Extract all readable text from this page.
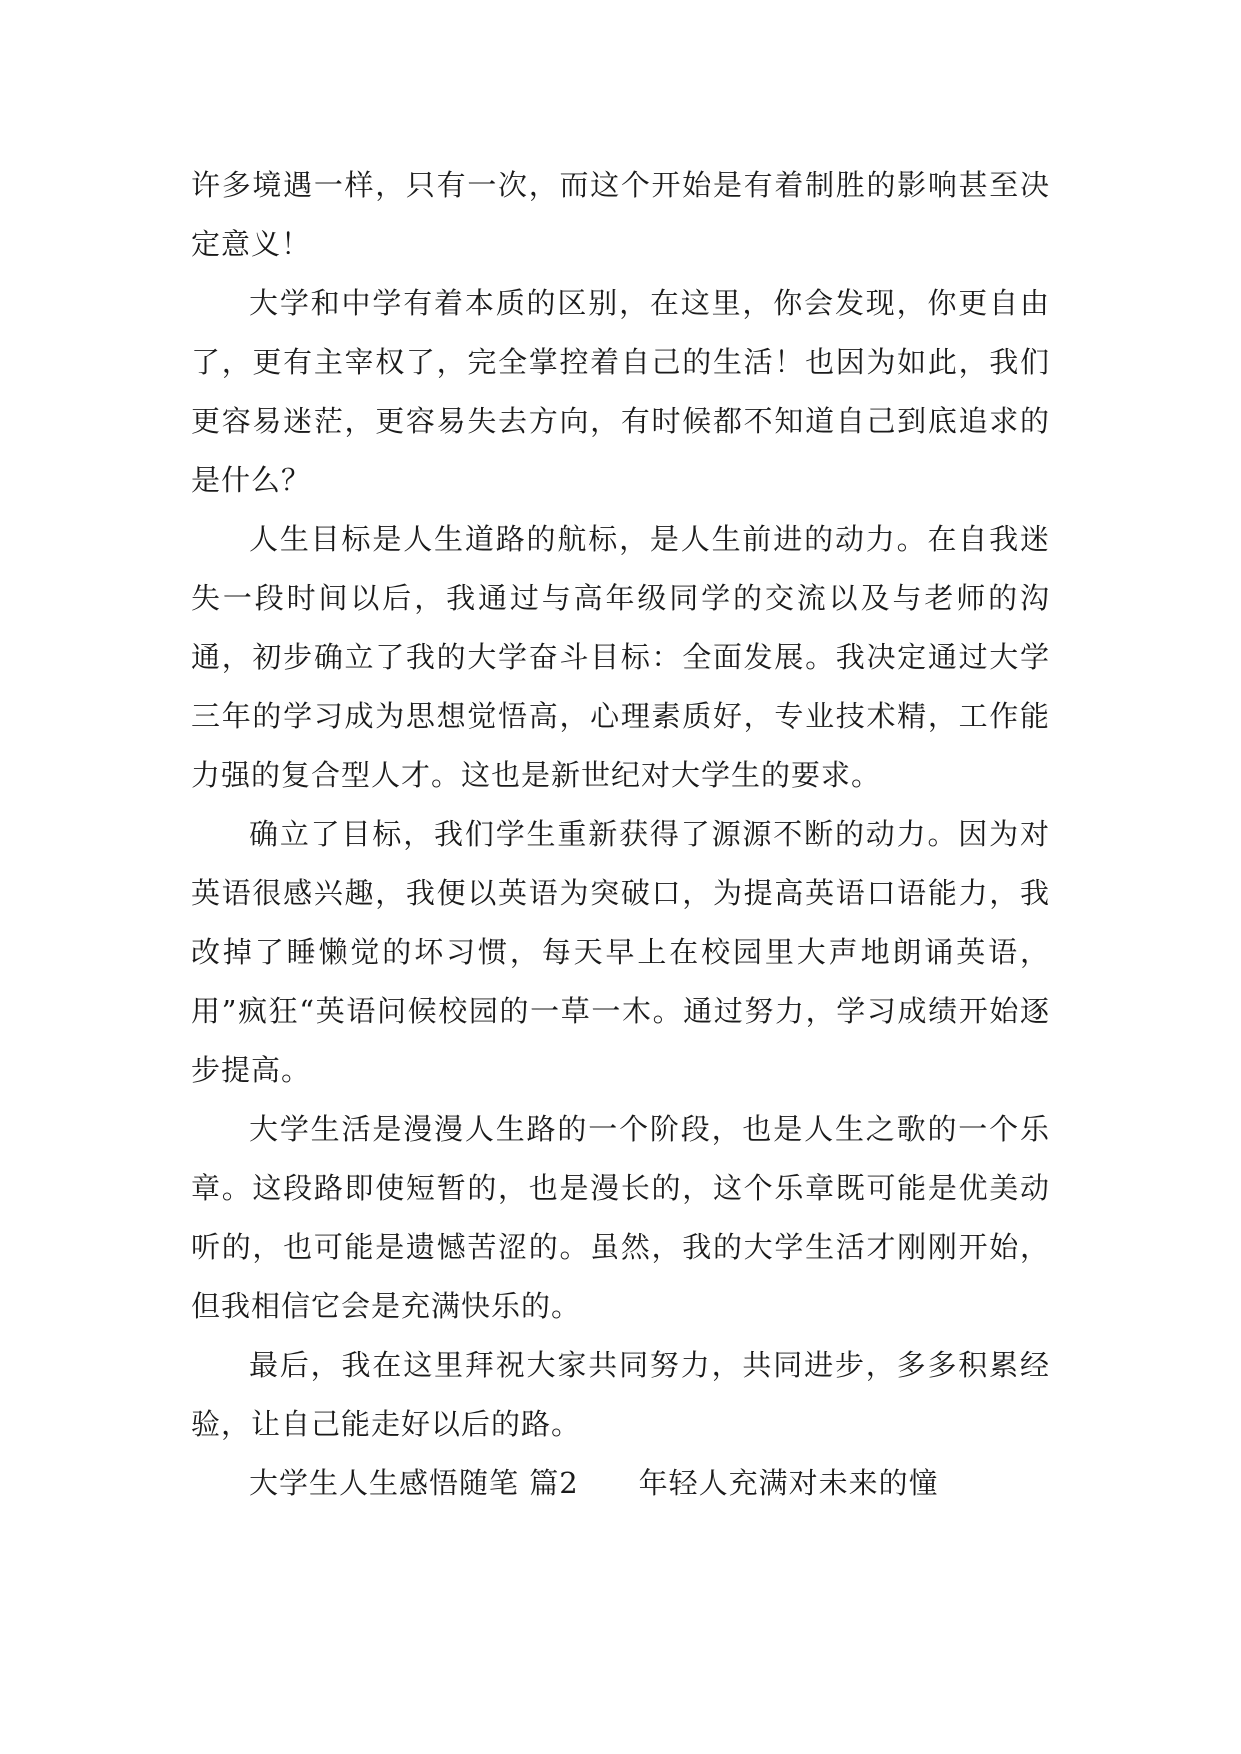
许多境遇一样，只有一次，而这个开始是有着制胜的影响甚至决定意义！

大学和中学有着本质的区别，在这里，你会发现，你更自由了，更有主宰权了，完全掌控着自己的生活！也因为如此，我们更容易迷茫，更容易失去方向，有时候都不知道自己到底追求的是什么？

人生目标是人生道路的航标，是人生前进的动力。在自我迷失一段时间以后，我通过与高年级同学的交流以及与老师的沟通，初步确立了我的大学奋斗目标：全面发展。我决定通过大学三年的学习成为思想觉悟高，心理素质好，专业技术精，工作能力强的复合型人才。这也是新世纪对大学生的要求。

确立了目标，我们学生重新获得了源源不断的动力。因为对英语很感兴趣，我便以英语为突破口，为提高英语口语能力，我改掉了睡懒觉的坏习惯，每天早上在校园里大声地朗诵英语，用”疯狂“英语问候校园的一草一木。通过努力，学习成绩开始逐步提高。

大学生活是漫漫人生路的一个阶段，也是人生之歌的一个乐章。这段路即使短暂的，也是漫长的，这个乐章既可能是优美动听的，也可能是遗憾苦涩的。虽然，我的大学生活才刚刚开始，但我相信它会是充满快乐的。

最后，我在这里拜祝大家共同努力，共同进步，多多积累经验，让自己能走好以后的路。

大学生人生感悟随笔 篇2 年轻人充满对未来的憧
